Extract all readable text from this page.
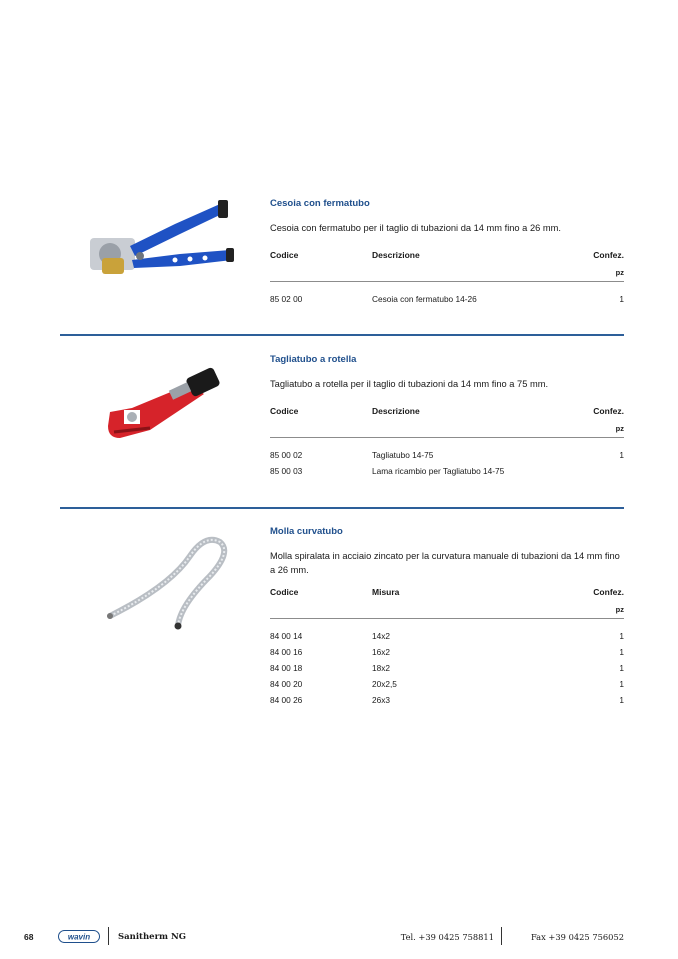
Cesoia con fermatubo

Cesoia con fermatubo per il taglio di tubazioni da 14 mm fino a 26 mm.

Codice	Descrizione	Confez.
pz
85 02 00	Cesoia con fermatubo 14-26	1

Tagliatubo a rotella

Tagliatubo a rotella per il taglio di tubazioni da 14 mm fino a 75 mm.

Codice	Descrizione	Confez.
pz
85 00 02	Tagliatubo 14-75	1
85 00 03	Lama ricambio per Tagliatubo 14-75

Molla curvatubo

Molla spiralata in acciaio zincato per la curvatura manuale di tubazioni da 14 mm fino a 26 mm.

Codice	Misura	Confez.
pz
84 00 14	14x2	1
84 00 16	16x2	1
84 00 18	18x2	1
84 00 20	20x2,5	1
84 00 26	26x3	1
68	wavin	Sanitherm NG	Tel. +39 0425 758811	Fax +39 0425 756052
